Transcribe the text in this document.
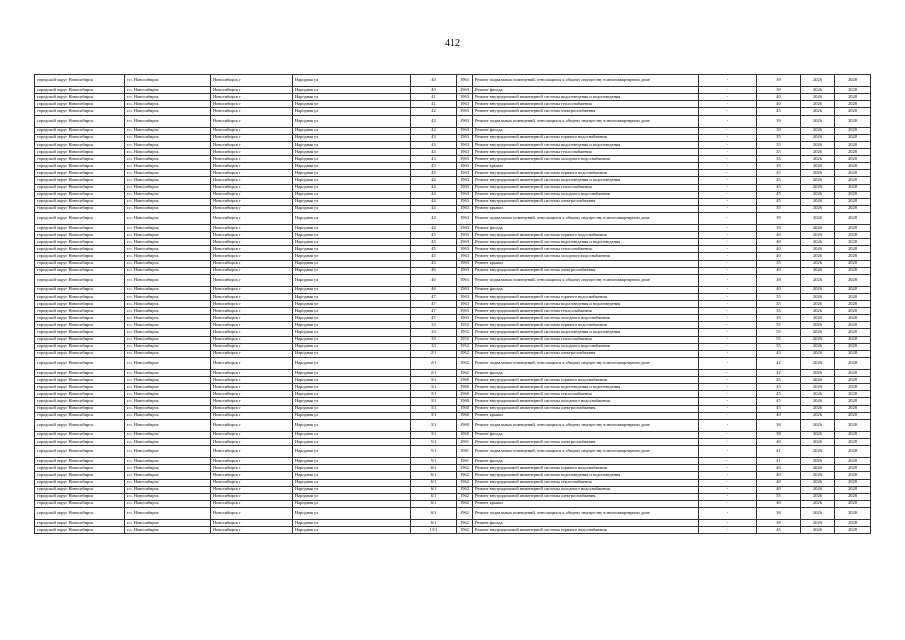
412
городской округ Новосибирск	г.о. Новосибирск	Новосибирск г	Народная ул	40	1963	Ремонт подвальных помещений, относящихся к общему имуществу в многоквартирном доме	-	39	2026	2028
городской округ Новосибирск	г.о. Новосибирск	Новосибирск г	Народная ул	40	1963	Ремонт фасада	-	39	2026	2028
городской округ Новосибирск	г.о. Новосибирск	Новосибирск г	Народная ул	41	1963	Ремонт внутридомовой инженерной системы водоотведения и водоотведения	-	40	2026	2028
городской округ Новосибирск	г.о. Новосибирск	Новосибирск г	Народная ул	41	1963	Ремонт внутридомовой инженерной системы теплоснабжения	-	40	2026	2028
городской округ Новосибирск	г.о. Новосибирск	Новосибирск г	Народная ул	42	1963	Ремонт внутридомовой инженерной системы электроснабжения	-	45	2026	2028
городской округ Новосибирск	г.о. Новосибирск	Новосибирск г	Народная ул	42	1963	Ремонт подвальных помещений, относящихся к общему имуществу в многоквартирном доме	-	39	2026	2028
городской округ Новосибирск	г.о. Новосибирск	Новосибирск г	Народная ул	42	1963	Ремонт фасада	-	39	2026	2028
городской округ Новосибирск	г.о. Новосибирск	Новосибирск г	Народная ул	43	1963	Ремонт внутридомовой инженерной системы горячего водоснабжения	-	35	2026	2028
городской округ Новосибирск	г.о. Новосибирск	Новосибирск г	Народная ул	43	1963	Ремонт внутридомовой инженерной системы водоотведения и водоотведения	-	35	2026	2028
городской округ Новосибирск	г.о. Новосибирск	Новосибирск г	Народная ул	43	1963	Ремонт внутридомовой инженерной системы теплоснабжения	-	35	2026	2028
городской округ Новосибирск	г.о. Новосибирск	Новосибирск г	Народная ул	43	1963	Ремонт внутридомовой инженерной системы холодного водоснабжения	-	35	2026	2028
городской округ Новосибирск	г.о. Новосибирск	Новосибирск г	Народная ул	43	1963	Ремонт крыши	-	35	2026	2028
городской округ Новосибирск	г.о. Новосибирск	Новосибирск г	Народная ул	44	1963	Ремонт внутридомовой инженерной системы горячего водоснабжения	-	45	2026	2028
городской округ Новосибирск	г.о. Новосибирск	Новосибирск г	Народная ул	44	1963	Ремонт внутридомовой инженерной системы водоотведения и водоотведения	-	45	2026	2028
городской округ Новосибирск	г.о. Новосибирск	Новосибирск г	Народная ул	44	1963	Ремонт внутридомовой инженерной системы теплоснабжения	-	45	2026	2028
городской округ Новосибирск	г.о. Новосибирск	Новосибирск г	Народная ул	44	1963	Ремонт внутридомовой инженерной системы холодного водоснабжения	-	45	2026	2028
городской округ Новосибирск	г.о. Новосибирск	Новосибирск г	Народная ул	44	1963	Ремонт внутридомовой инженерной системы электроснабжения	-	45	2026	2028
городской округ Новосибирск	г.о. Новосибирск	Новосибирск г	Народная ул	44	1963	Ремонт крыши	-	35	2026	2028
городской округ Новосибирск	г.о. Новосибирск	Новосибирск г	Народная ул	44	1963	Ремонт подвальных помещений, относящихся к общему имуществу в многоквартирном доме	-	39	2026	2028
городской округ Новосибирск	г.о. Новосибирск	Новосибирск г	Народная ул	44	1963	Ремонт фасада	-	39	2026	2028
городской округ Новосибирск	г.о. Новосибирск	Новосибирск г	Народная ул	45	1963	Ремонт внутридомовой инженерной системы горячего водоснабжения	-	40	2026	2028
городской округ Новосибирск	г.о. Новосибирск	Новосибирск г	Народная ул	45	1963	Ремонт внутридомовой инженерной системы водоотведения и водоотведения	-	40	2026	2028
городской округ Новосибирск	г.о. Новосибирск	Новосибирск г	Народная ул	45	1963	Ремонт внутридомовой инженерной системы теплоснабжения	-	40	2026	2028
городской округ Новосибирск	г.о. Новосибирск	Новосибирск г	Народная ул	45	1963	Ремонт внутридомовой инженерной системы холодного водоснабжения	-	40	2026	2028
городской округ Новосибирск	г.о. Новосибирск	Новосибирск г	Народная ул	45	1963	Ремонт крыши	-	35	2026	2028
городской округ Новосибирск	г.о. Новосибирск	Новосибирск г	Народная ул	46	1963	Ремонт внутридомовой инженерной системы электроснабжения	-	40	2026	2028
городской округ Новосибирск	г.о. Новосибирск	Новосибирск г	Народная ул	46	1963	Ремонт подвальных помещений, относящихся к общему имуществу в многоквартирном доме	-	38	2026	2028
городской округ Новосибирск	г.о. Новосибирск	Новосибирск г	Народная ул	46	1963	Ремонт фасада	-	40	2026	2028
городской округ Новосибирск	г.о. Новосибирск	Новосибирск г	Народная ул	47	1963	Ремонт внутридомовой инженерной системы горячего водоснабжения	-	35	2026	2028
городской округ Новосибирск	г.о. Новосибирск	Новосибирск г	Народная ул	47	1963	Ремонт внутридомовой инженерной системы водоотведения и водоотведения	-	35	2026	2028
городской округ Новосибирск	г.о. Новосибирск	Новосибирск г	Народная ул	47	1963	Ремонт внутридомовой инженерной системы теплоснабжения	-	35	2026	2028
городской округ Новосибирск	г.о. Новосибирск	Новосибирск г	Народная ул	47	1963	Ремонт внутридомовой инженерной системы холодного водоснабжения	-	35	2026	2028
городской округ Новосибирск	г.о. Новосибирск	Новосибирск г	Народная ул	33	1952	Ремонт внутридомовой инженерной системы горячего водоснабжения	-	55	2026	2028
городской округ Новосибирск	г.о. Новосибирск	Новосибирск г	Народная ул	33	1952	Ремонт внутридомовой инженерной системы водоотведения и водоотведения	-	55	2026	2028
городской округ Новосибирск	г.о. Новосибирск	Новосибирск г	Народная ул	33	1952	Ремонт внутридомовой инженерной системы теплоснабжения	-	55	2026	2028
городской округ Новосибирск	г.о. Новосибирск	Новосибирск г	Народная ул	33	1952	Ремонт внутридомовой инженерной системы холодного водоснабжения	-	55	2026	2028
городской округ Новосибирск	г.о. Новосибирск	Новосибирск г	Народная ул	2/1	1962	Ремонт внутридомовой инженерной системы электроснабжения	-	43	2026	2028
городской округ Новосибирск	г.о. Новосибирск	Новосибирск г	Народная ул	2/1	1962	Ремонт подвальных помещений, относящихся к общему имуществу в многоквартирном доме	-	42	2026	2028
городской округ Новосибирск	г.о. Новосибирск	Новосибирск г	Народная ул	2/1	1962	Ремонт фасада	-	42	2026	2028
городской округ Новосибирск	г.о. Новосибирск	Новосибирск г	Народная ул	3/1	1960	Ремонт внутридомовой инженерной системы горячего водоснабжения	-	45	2026	2028
городской округ Новосибирск	г.о. Новосибирск	Новосибирск г	Народная ул	3/1	1960	Ремонт внутридомовой инженерной системы водоотведения и водоотведения	-	45	2026	2028
городской округ Новосибирск	г.о. Новосибирск	Новосибирск г	Народная ул	3/1	1960	Ремонт внутридомовой инженерной системы теплоснабжения	-	45	2026	2028
городской округ Новосибирск	г.о. Новосибирск	Новосибирск г	Народная ул	3/1	1960	Ремонт внутридомовой инженерной системы холодного водоснабжения	-	45	2026	2028
городской округ Новосибирск	г.о. Новосибирск	Новосибирск г	Народная ул	3/1	1960	Ремонт внутридомовой инженерной системы электроснабжения	-	45	2026	2028
городской округ Новосибирск	г.о. Новосибирск	Новосибирск г	Народная ул	3/1	1960	Ремонт крыши	-	40	2026	2028
городской округ Новосибирск	г.о. Новосибирск	Новосибирск г	Народная ул	3/1	1960	Ремонт подвальных помещений, относящихся к общему имуществу в многоквартирном доме	-	38	2026	2028
городской округ Новосибирск	г.о. Новосибирск	Новосибирск г	Народная ул	3/1	1960	Ремонт фасада	-	38	2026	2028
городской округ Новосибирск	г.о. Новосибирск	Новосибирск г	Народная ул	5/1	1961	Ремонт внутридомовой инженерной системы электроснабжения	-	40	2026	2028
городской округ Новосибирск	г.о. Новосибирск	Новосибирск г	Народная ул	5/1	1961	Ремонт подвальных помещений, относящихся к общему имуществу в многоквартирном доме	-	41	2026	2028
городской округ Новосибирск	г.о. Новосибирск	Новосибирск г	Народная ул	5/1	1961	Ремонт фасада	-	41	2026	2028
городской округ Новосибирск	г.о. Новосибирск	Новосибирск г	Народная ул	6/1	1962	Ремонт внутридомовой инженерной системы горячего водоснабжения	-	40	2026	2028
городской округ Новосибирск	г.о. Новосибирск	Новосибирск г	Народная ул	6/1	1962	Ремонт внутридомовой инженерной системы водоотведения и водоотведения	-	40	2026	2028
городской округ Новосибирск	г.о. Новосибирск	Новосибирск г	Народная ул	6/1	1962	Ремонт внутридомовой инженерной системы теплоснабжения	-	40	2026	2028
городской округ Новосибирск	г.о. Новосибирск	Новосибирск г	Народная ул	6/1	1962	Ремонт внутридомовой инженерной системы холодного водоснабжения	-	40	2026	2028
городской округ Новосибирск	г.о. Новосибирск	Новосибирск г	Народная ул	6/1	1962	Ремонт внутридомовой инженерной системы электроснабжения	-	55	2026	2028
городской округ Новосибирск	г.о. Новосибирск	Новосибирск г	Народная ул	6/1	1962	Ремонт крыши	-	40	2026	2028
городской округ Новосибирск	г.о. Новосибирск	Новосибирск г	Народная ул	6/1	1962	Ремонт подвальных помещений, относящихся к общему имуществу в многоквартирном доме	-	38	2026	2028
городской округ Новосибирск	г.о. Новосибирск	Новосибирск г	Народная ул	6/1	1962	Ремонт фасада	-	38	2026	2028
городской округ Новосибирск	г.о. Новосибирск	Новосибирск г	Народная ул	13/1	1962	Ремонт внутридомовой инженерной системы горячего водоснабжения	-	45	2026	2028
